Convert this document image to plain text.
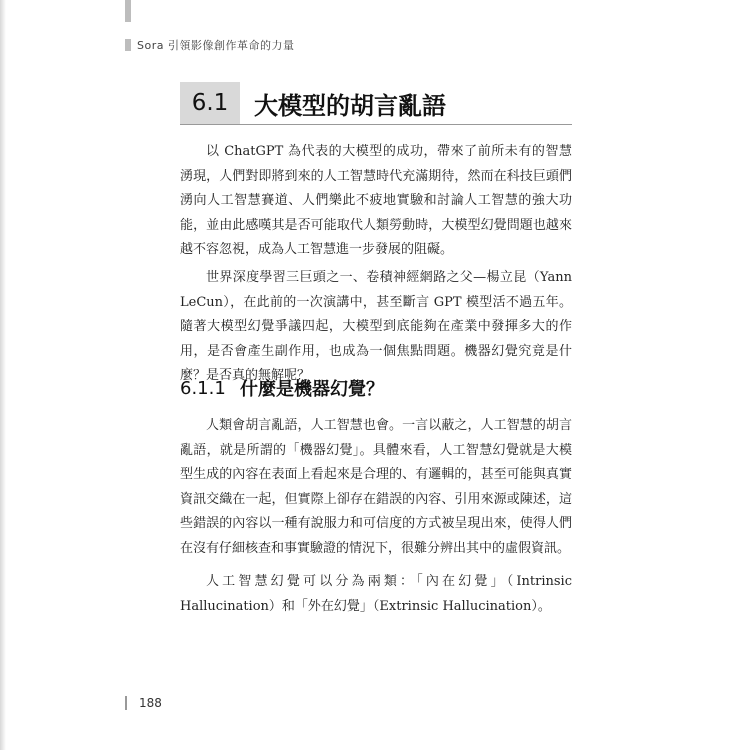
Sora 引領影像創作革命的力量
6.1	大模型的胡言亂語

以 ChatGPT 為代表的大模型的成功，帶來了前所未有的智慧湧現，人們對即將到來的人工智慧時代充滿期待，然而在科技巨頭們湧向人工智慧賽道、人們樂此不疲地實驗和討論人工智慧的強大功能，並由此感嘆其是否可能取代人類勞動時，大模型幻覺問題也越來越不容忽視，成為人工智慧進一步發展的阻礙。

世界深度學習三巨頭之一、卷積神經網路之父—楊立昆（Yann LeCun），在此前的一次演講中，甚至斷言 GPT 模型活不過五年。隨著大模型幻覺爭議四起，大模型到底能夠在產業中發揮多大的作用，是否會產生副作用，也成為一個焦點問題。機器幻覺究竟是什麼？是否真的無解呢？

6.1.1 什麼是機器幻覺？

人類會胡言亂語，人工智慧也會。一言以蔽之，人工智慧的胡言亂語，就是所謂的「機器幻覺」。具體來看，人工智慧幻覺就是大模型生成的內容在表面上看起來是合理的、有邏輯的，甚至可能與真實資訊交織在一起，但實際上卻存在錯誤的內容、引用來源或陳述，這些錯誤的內容以一種有說服力和可信度的方式被呈現出來，使得人們在沒有仔細核查和事實驗證的情況下，很難分辨出其中的虛假資訊。

人工智慧幻覺可以分為兩類：「內在幻覺」（Intrinsic Hallucination）和「外在幻覺」（Extrinsic Hallucination）。

188
